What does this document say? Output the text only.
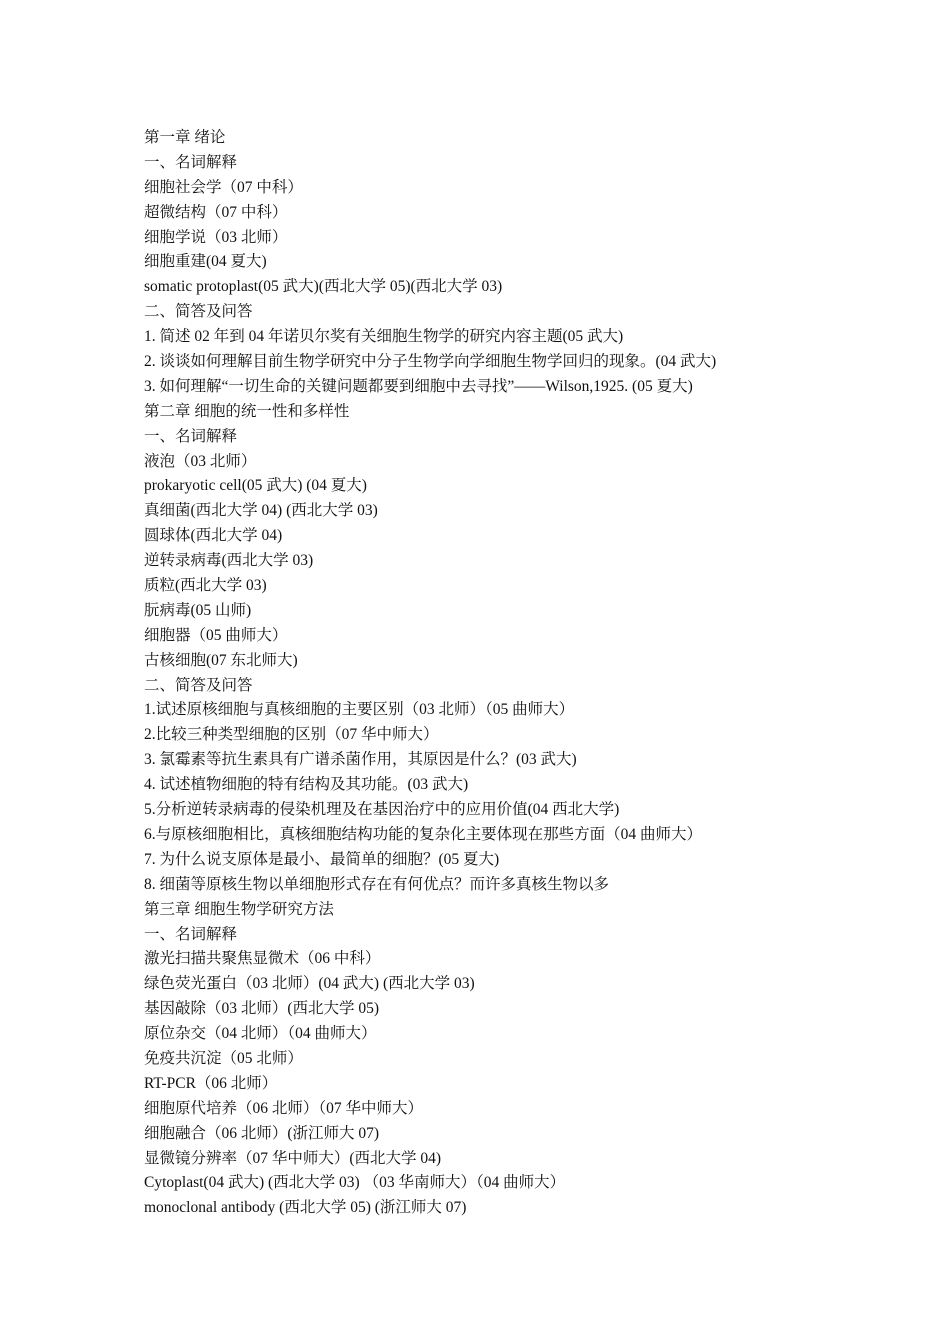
第一章 绪论
一、名词解释
细胞社会学（07 中科）
超微结构（07 中科）
细胞学说（03 北师）
细胞重建(04 夏大)
somatic protoplast(05 武大)(西北大学 05)(西北大学 03)
二、简答及问答
1. 简述 02 年到 04 年诺贝尔奖有关细胞生物学的研究内容主题(05 武大)
2. 谈谈如何理解目前生物学研究中分子生物学向学细胞生物学回归的现象。(04 武大)
3. 如何理解“一切生命的关键问题都要到细胞中去寻找”——Wilson,1925. (05 夏大)
第二章 细胞的统一性和多样性
一、名词解释
液泡（03 北师）
prokaryotic cell(05 武大) (04 夏大)
真细菌(西北大学 04) (西北大学 03)
圆球体(西北大学 04)
逆转录病毒(西北大学 03)
质粒(西北大学 03)
朊病毒(05 山师)
细胞器（05 曲师大）
古核细胞(07 东北师大)
二、简答及问答
1.试述原核细胞与真核细胞的主要区别（03 北师）（05 曲师大）
2.比较三种类型细胞的区别（07 华中师大）
3. 氯霉素等抗生素具有广谱杀菌作用，其原因是什么？(03 武大)
4. 试述植物细胞的特有结构及其功能。(03 武大)
5.分析逆转录病毒的侵染机理及在基因治疗中的应用价值(04 西北大学)
6.与原核细胞相比，真核细胞结构功能的复杂化主要体现在那些方面（04 曲师大）
7. 为什么说支原体是最小、最简单的细胞？(05 夏大)
8. 细菌等原核生物以单细胞形式存在有何优点？而许多真核生物以多
第三章 细胞生物学研究方法
一、名词解释
激光扫描共聚焦显微术（06 中科）
绿色荧光蛋白（03 北师）(04 武大) (西北大学 03)
基因敲除（03 北师）(西北大学 05)
原位杂交（04 北师）（04 曲师大）
免疫共沉淀（05 北师）
RT-PCR（06 北师）
细胞原代培养（06 北师）（07 华中师大）
细胞融合（06 北师）(浙江师大 07)
显微镜分辨率（07 华中师大）(西北大学 04)
Cytoplast(04 武大) (西北大学 03) （03 华南师大）（04 曲师大）
monoclonal antibody (西北大学 05) (浙江师大 07)
